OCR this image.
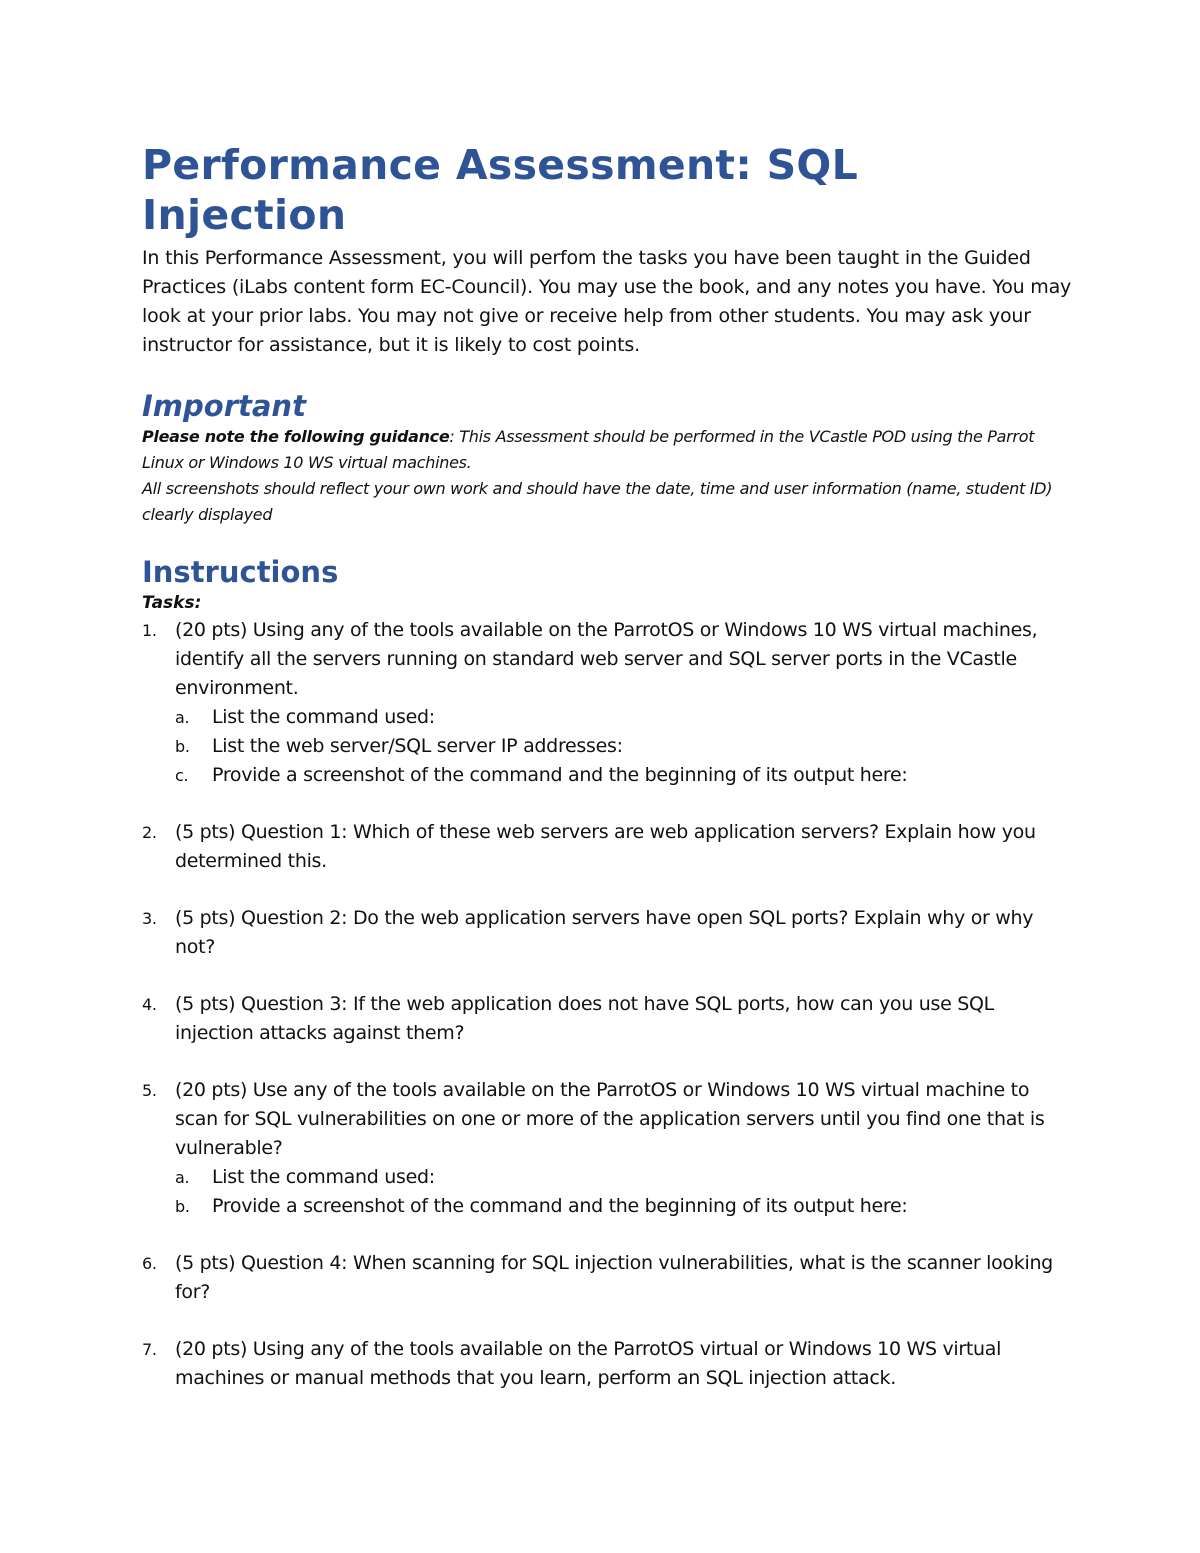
Performance Assessment: SQL Injection

In this Performance Assessment, you will perfom the tasks you have been taught in the Guided Practices (iLabs content form EC-Council). You may use the book, and any notes you have. You may look at your prior labs. You may not give or receive help from other students. You may ask your instructor for assistance, but it is likely to cost points.

Important

Please note the following guidance: This Assessment should be performed in the VCastle POD using the Parrot Linux or Windows 10 WS virtual machines.
All screenshots should reflect your own work and should have the date, time and user information (name, student ID) clearly displayed

Instructions

Tasks:

1. (20 pts) Using any of the tools available on the ParrotOS or Windows 10 WS virtual machines, identify all the servers running on standard web server and SQL server ports in the VCastle environment.
a. List the command used:
b. List the web server/SQL server IP addresses:
c. Provide a screenshot of the command and the beginning of its output here:
2. (5 pts) Question 1: Which of these web servers are web application servers? Explain how you determined this.
3. (5 pts) Question 2: Do the web application servers have open SQL ports? Explain why or why not?
4. (5 pts) Question 3: If the web application does not have SQL ports, how can you use SQL injection attacks against them?
5. (20 pts) Use any of the tools available on the ParrotOS or Windows 10 WS virtual machine to scan for SQL vulnerabilities on one or more of the application servers until you find one that is vulnerable?
a. List the command used:
b. Provide a screenshot of the command and the beginning of its output here:
6. (5 pts) Question 4: When scanning for SQL injection vulnerabilities, what is the scanner looking for?
7. (20 pts) Using any of the tools available on the ParrotOS virtual or Windows 10 WS virtual machines or manual methods that you learn, perform an SQL injection attack.
